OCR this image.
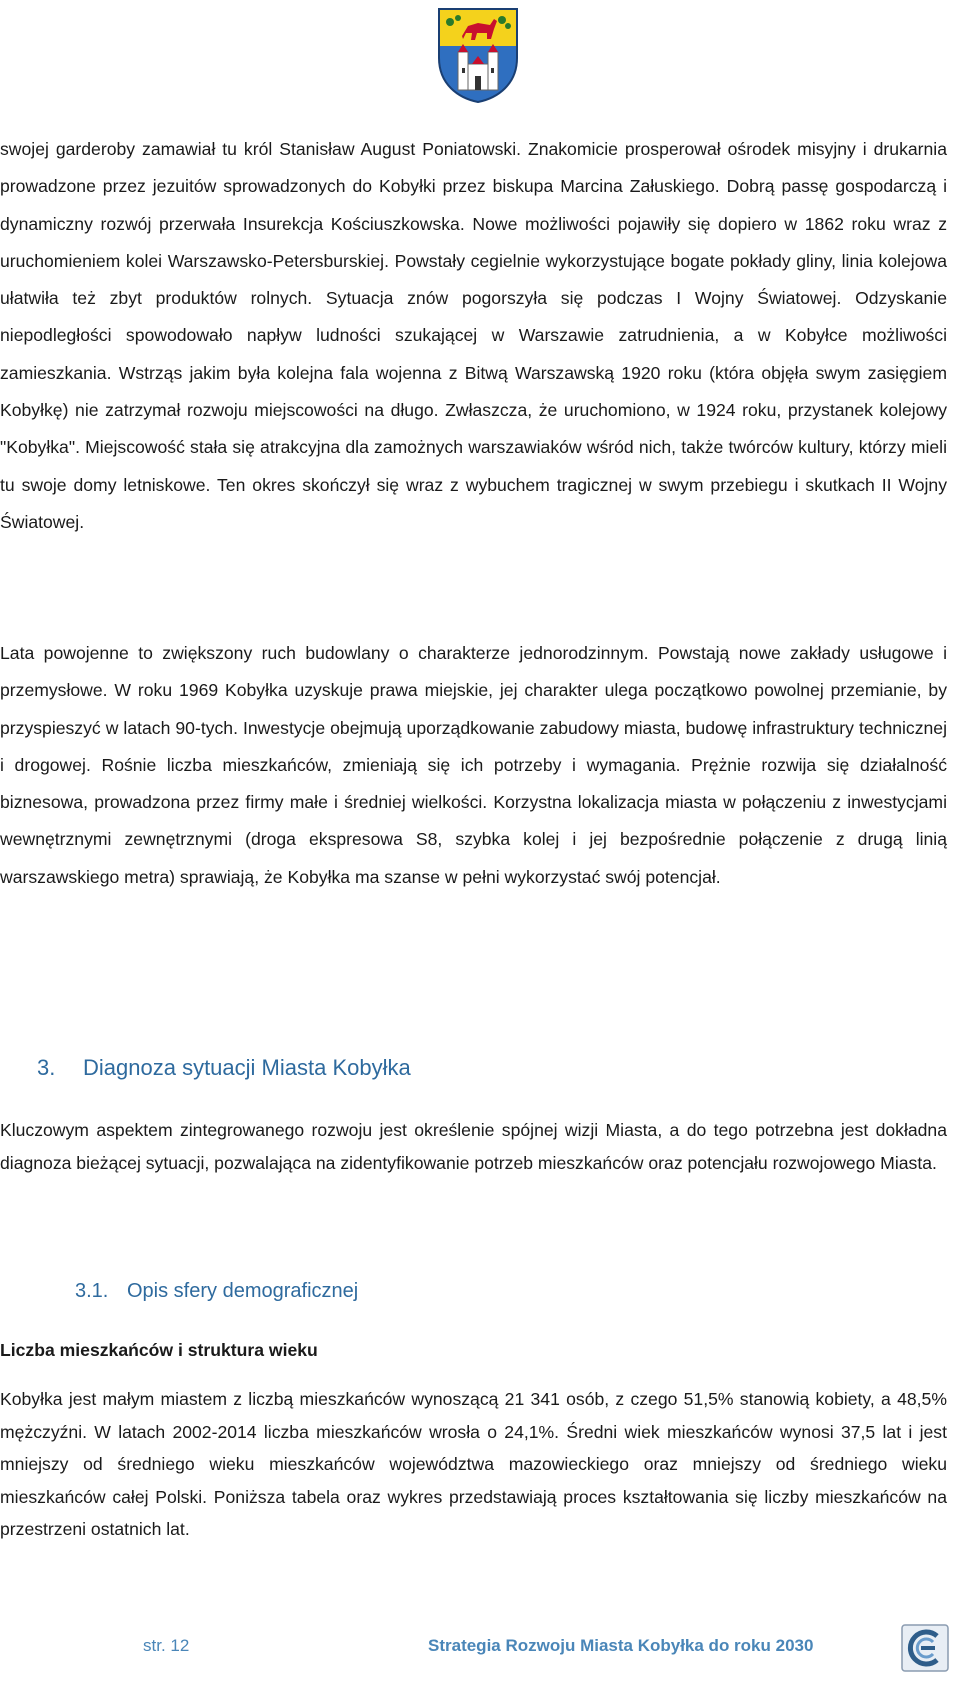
swojej garderoby zamawiał tu król Stanisław August Poniatowski. Znakomicie prosperował ośrodek misyjny i drukarnia prowadzone przez jezuitów sprowadzonych do Kobyłki przez biskupa Marcina Załuskiego. Dobrą passę gospodarczą i dynamiczny rozwój przerwała Insurekcja Kościuszkowska. Nowe możliwości pojawiły się dopiero w 1862 roku wraz z uruchomieniem kolei Warszawsko-Petersburskiej. Powstały cegielnie wykorzystujące bogate pokłady gliny, linia kolejowa ułatwiła też zbyt produktów rolnych. Sytuacja znów pogorszyła się podczas I Wojny Światowej. Odzyskanie niepodległości spowodowało napływ ludności szukającej w Warszawie zatrudnienia, a w Kobyłce możliwości zamieszkania. Wstrząs jakim była kolejna fala wojenna z Bitwą Warszawską 1920 roku (która objęła swym zasięgiem Kobyłkę) nie zatrzymał rozwoju miejscowości na długo. Zwłaszcza, że uruchomiono, w 1924 roku, przystanek kolejowy "Kobyłka". Miejscowość stała się atrakcyjna dla zamożnych warszawiaków wśród nich, także twórców kultury, którzy mieli tu swoje domy letniskowe. Ten okres skończył się wraz z wybuchem tragicznej w swym przebiegu i skutkach II Wojny Światowej.

Lata powojenne to zwiększony ruch budowlany o charakterze jednorodzinnym. Powstają nowe zakłady usługowe i przemysłowe. W roku 1969 Kobyłka uzyskuje prawa miejskie, jej charakter ulega początkowo powolnej przemianie, by przyspieszyć w latach 90-tych. Inwestycje obejmują uporządkowanie zabudowy miasta, budowę infrastruktury technicznej i drogowej. Rośnie liczba mieszkańców, zmieniają się ich potrzeby i wymagania. Prężnie rozwija się działalność biznesowa, prowadzona przez firmy małe i średniej wielkości. Korzystna lokalizacja miasta w połączeniu z inwestycjami wewnętrznymi zewnętrznymi (droga ekspresowa S8, szybka kolej i jej bezpośrednie połączenie z drugą linią warszawskiego metra) sprawiają, że Kobyłka ma szanse w pełni wykorzystać swój potencjał.

3. Diagnoza sytuacji Miasta Kobyłka

Kluczowym aspektem zintegrowanego rozwoju jest określenie spójnej wizji Miasta, a do tego potrzebna jest dokładna diagnoza bieżącej sytuacji, pozwalająca na zidentyfikowanie potrzeb mieszkańców oraz potencjału rozwojowego Miasta.

3.1. Opis sfery demograficznej
Liczba mieszkańców i struktura wieku

Kobyłka jest małym miastem z liczbą mieszkańców wynoszącą 21 341 osób, z czego 51,5% stanowią kobiety, a 48,5% mężczyźni. W latach 2002-2014 liczba mieszkańców wrosła o 24,1%. Średni wiek mieszkańców wynosi 37,5 lat i jest mniejszy od średniego wieku mieszkańców województwa mazowieckiego oraz mniejszy od średniego wieku mieszkańców całej Polski. Poniższa tabela oraz wykres przedstawiają proces kształtowania się liczby mieszkańców na przestrzeni ostatnich lat.

str. 12	Strategia Rozwoju Miasta Kobyłka do roku 2030
